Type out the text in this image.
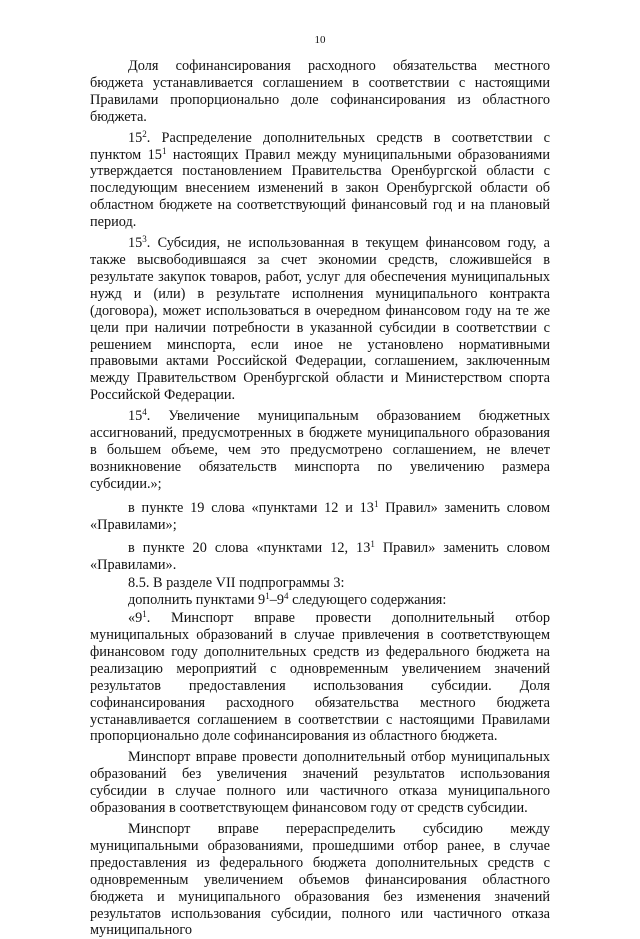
10

Доля софинансирования расходного обязательства местного бюджета устанавливается соглашением в соответствии с настоящими Правилами пропорционально доле софинансирования из областного бюджета.

$15^2$. Распределение дополнительных средств в соответствии с пунктом $15^1$ настоящих Правил между муниципальными образованиями утверждается постановлением Правительства Оренбургской области с последующим внесением изменений в закон Оренбургской области об областном бюджете на соответствующий финансовый год и на плановый период.

$15^3$. Субсидия, не использованная в текущем финансовом году, а также высвободившаяся за счет экономии средств, сложившейся в результате закупок товаров, работ, услуг для обеспечения муниципальных нужд и (или) в результате исполнения муниципального контракта (договора), может использоваться в очередном финансовом году на те же цели при наличии потребности в указанной субсидии в соответствии с решением минспорта, если иное не установлено нормативными правовыми актами Российской Федерации, соглашением, заключенным между Правительством Оренбургской области и Министерством спорта Российской Федерации.

$15^4$. Увеличение муниципальным образованием бюджетных ассигнований, предусмотренных в бюджете муниципального образования в большем объеме, чем это предусмотрено соглашением, не влечет возникновение обязательств минспорта по увеличению размера субсидии.»;

в пункте 19 слова «пунктами 12 и $13^1$ Правил» заменить словом «Правилами»;

в пункте 20 слова «пунктами 12, $13^1$ Правил» заменить словом «Правилами».

8.5. В разделе VII подпрограммы 3:

дополнить пунктами $9^1-9^4$ следующего содержания:

«$9^1$. Минспорт вправе провести дополнительный отбор муниципальных образований в случае привлечения в соответствующем финансовом году дополнительных средств из федерального бюджета на реализацию мероприятий с одновременным увеличением значений результатов предоставления использования субсидии. Доля софинансирования расходного обязательства местного бюджета устанавливается соглашением в соответствии с настоящими Правилами пропорционально доле софинансирования из областного бюджета.

Минспорт вправе провести дополнительный отбор муниципальных образований без увеличения значений результатов использования субсидии в случае полного или частичного отказа муниципального образования в соответствующем финансовом году от средств субсидии.

Минспорт вправе перераспределить субсидию между муниципальными образованиями, прошедшими отбор ранее, в случае предоставления из федерального бюджета дополнительных средств с одновременным увеличением объемов финансирования областного бюджета и муниципального образования без изменения значений результатов использования субсидии, полного или частичного отказа муниципального
